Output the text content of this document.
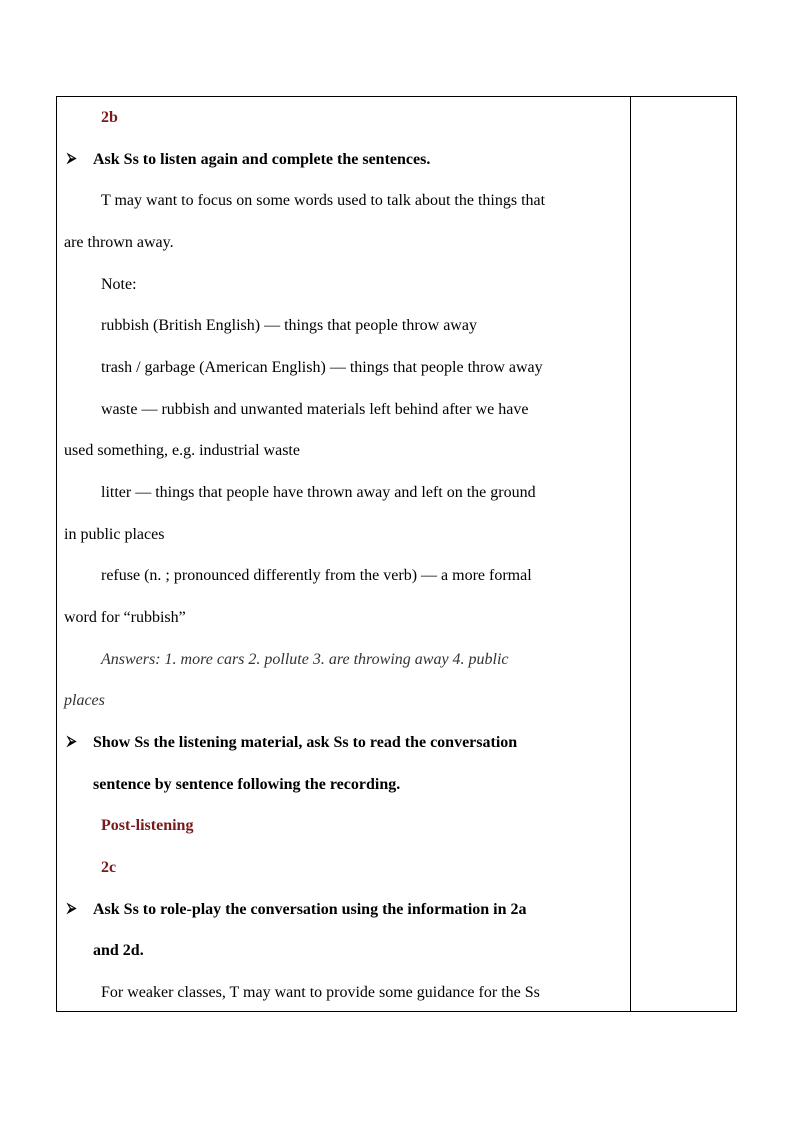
2b
⮚ Ask Ss to listen again and complete the sentences.
T may want to focus on some words used to talk about the things that
are thrown away.
Note:
rubbish (British English) — things that people throw away
trash / garbage (American English) — things that people throw away
waste — rubbish and unwanted materials left behind after we have
used something, e.g. industrial waste
litter — things that people have thrown away and left on the ground
in public places
refuse (n. ; pronounced differently from the verb) — a more formal
word for “rubbish”
Answers: 1. more cars 2. pollute 3. are throwing away 4. public
places
⮚ Show Ss the listening material, ask Ss to read the conversation
sentence by sentence following the recording.
Post-listening
2c
⮚ Ask Ss to role-play the conversation using the information in 2a
and 2d.
For weaker classes, T may want to provide some guidance for the Ss
